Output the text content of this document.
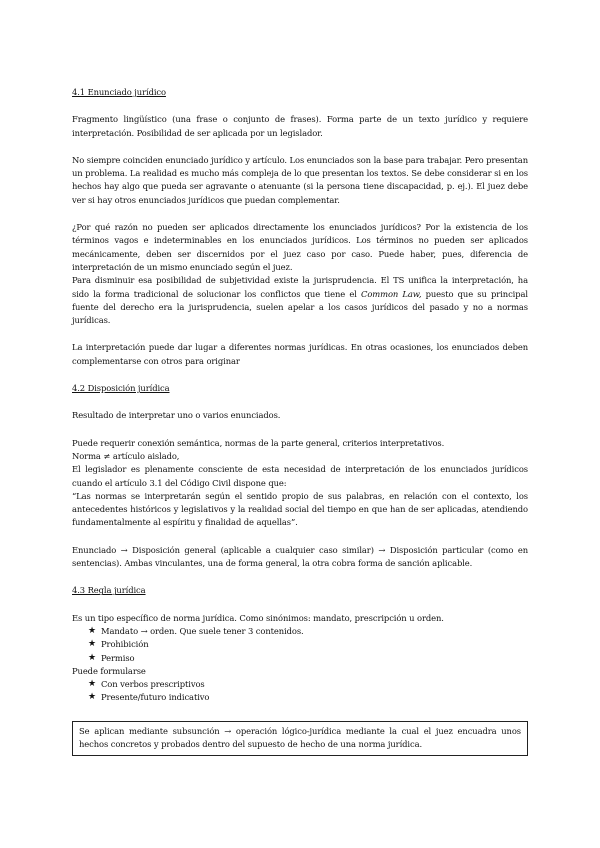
4.1 Enunciado jurídico

Fragmento lingüístico (una frase o conjunto de frases). Forma parte de un texto jurídico y requiere interpretación. Posibilidad de ser aplicada por un legislador.

No siempre coinciden enunciado jurídico y artículo. Los enunciados son la base para trabajar. Pero presentan un problema. La realidad es mucho más compleja de lo que presentan los textos. Se debe considerar si en los hechos hay algo que pueda ser agravante o atenuante (si la persona tiene discapacidad, p. ej.). El juez debe ver si hay otros enunciados jurídicos que puedan complementar.

¿Por qué razón no pueden ser aplicados directamente los enunciados jurídicos? Por la existencia de los términos vagos e indeterminables en los enunciados jurídicos. Los términos no pueden ser aplicados mecánicamente, deben ser discernidos por el juez caso por caso. Puede haber, pues, diferencia de interpretación de un mismo enunciado según el juez.

Para disminuir esa posibilidad de subjetividad existe la jurisprudencia. El TS unifica la interpretación, ha sido la forma tradicional de solucionar los conflictos que tiene el Common Law, puesto que su principal fuente del derecho era la jurisprudencia, suelen apelar a los casos jurídicos del pasado y no a normas jurídicas.

La interpretación puede dar lugar a diferentes normas jurídicas. En otras ocasiones, los enunciados deben complementarse con otros para originar

4.2 Disposición jurídica

Resultado de interpretar uno o varios enunciados.

Puede requerir conexión semántica, normas de la parte general, criterios interpretativos.

Norma ≠ artículo aislado,

El legislador es plenamente consciente de esta necesidad de interpretación de los enunciados jurídicos cuando el artículo 3.1 del Código Civil dispone que:

“Las normas se interpretarán según el sentido propio de sus palabras, en relación con el contexto, los antecedentes históricos y legislativos y la realidad social del tiempo en que han de ser aplicadas, atendiendo fundamentalmente al espíritu y finalidad de aquellas”.

Enunciado → Disposición general (aplicable a cualquier caso similar) → Disposición particular (como en sentencias). Ambas vinculantes, una de forma general, la otra cobra forma de sanción aplicable.

4.3 Regla jurídica

Es un tipo específico de norma jurídica. Como sinónimos: mandato, prescripción u orden.

★ Mandato → orden. Que suele tener 3 contenidos.
★ Prohibición
★ Permiso

Puede formularse

★ Con verbos prescriptivos
★ Presente/futuro indicativo

Se aplican mediante subsunción → operación lógico-jurídica mediante la cual el juez encuadra unos hechos concretos y probados dentro del supuesto de hecho de una norma jurídica.
